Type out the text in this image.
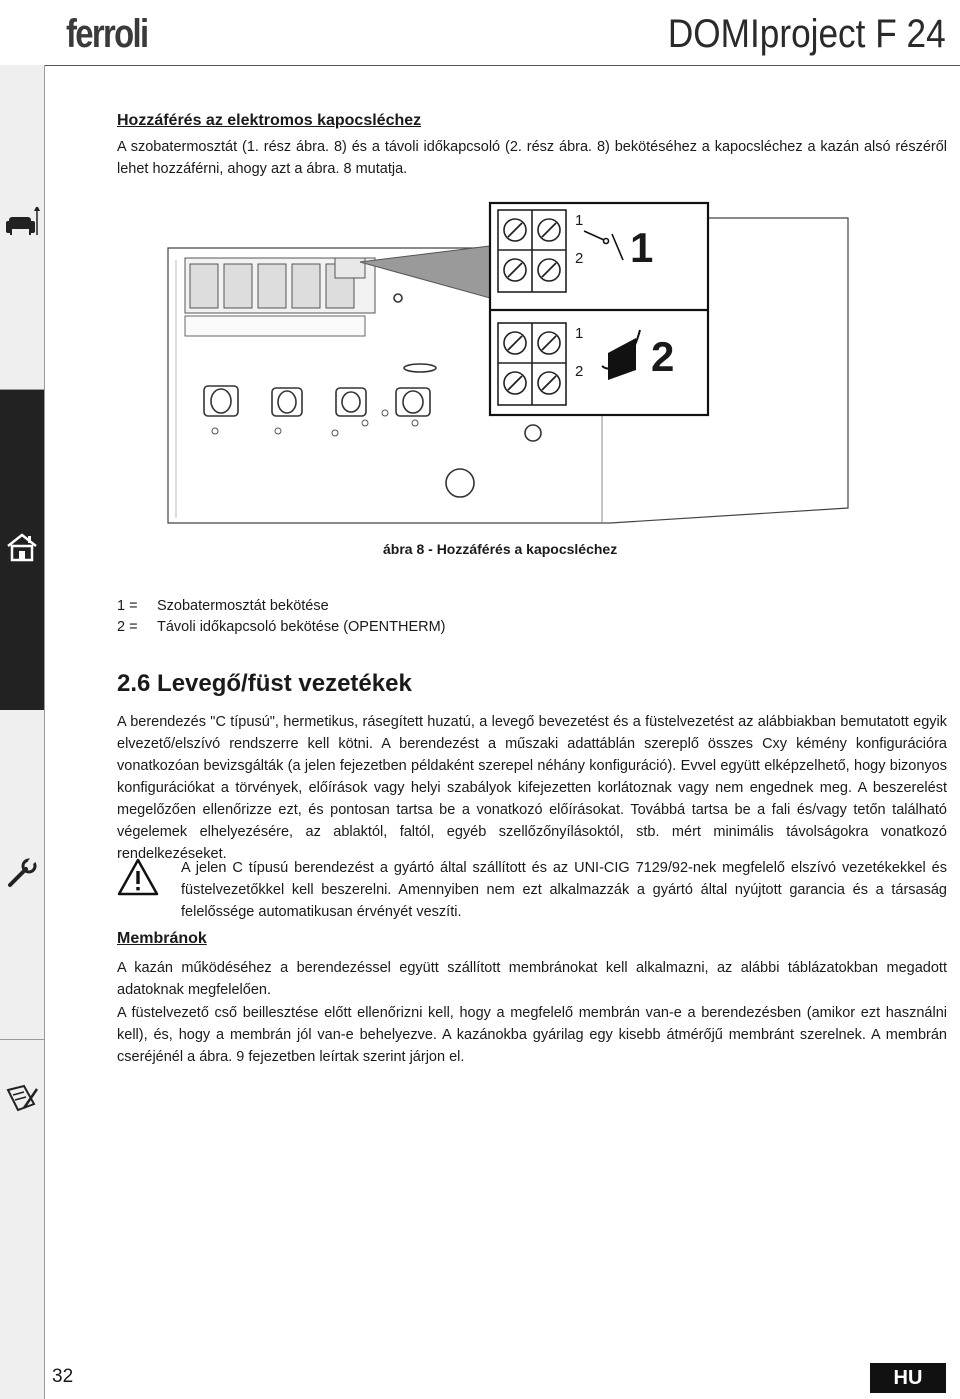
ferroli	DOMIproject F 24
Hozzáférés az elektromos kapocsléchez
A szobatermosztát (1. rész ábra. 8) és a távoli időkapcsoló (2. rész ábra. 8) bekötéséhez a kapocsléchez a kazán alsó részéről lehet hozzáférni, ahogy azt a ábra. 8 mutatja.
1
2
1
2
1
2
ábra 8 - Hozzáférés a kapocsléchez
1 = Szobatermosztát bekötése
2 = Távoli időkapcsoló bekötése (OPENTHERM)
2.6 Levegő/füst vezetékek
A berendezés "C típusú", hermetikus, rásegített huzatú, a levegő bevezetést és a füstelvezetést az alábbiakban bemutatott egyik elvezető/elszívó rendszerre kell kötni. A berendezést a műszaki adattáblán szereplő összes Cxy kémény konfigurációra vonatkozóan bevizsgálták (a jelen fejezetben példaként szerepel néhány konfiguráció). Evvel együtt elképzelhető, hogy bizonyos konfigurációkat a törvények, előírások vagy helyi szabályok kifejezetten korlátoznak vagy nem engednek meg. A beszerelést megelőzően ellenőrizze ezt, és pontosan tartsa be a vonatkozó előírásokat. Továbbá tartsa be a fali és/vagy tetőn található végelemek elhelyezésére, az ablaktól, faltól, egyéb szellőzőnyílásoktól, stb. mért minimális távolságokra vonatkozó rendelkezéseket.
A jelen C típusú berendezést a gyártó által szállított és az UNI-CIG 7129/92-nek megfelelő elszívó vezetékekkel és füstelvezetőkkel kell beszerelni. Amennyiben nem ezt alkalmazzák a gyártó által nyújtott garancia és a társaság felelőssége automatikusan érvényét veszíti.
Membránok
A kazán működéséhez a berendezéssel együtt szállított membránokat kell alkalmazni, az alábbi táblázatokban megadott adatoknak megfelelően.
A füstelvezető cső beillesztése előtt ellenőrizni kell, hogy a megfelelő membrán van-e a berendezésben (amikor ezt használni kell), és, hogy a membrán jól van-e behelyezve. A kazánokba gyárilag egy kisebb átmérőjű membránt szerelnek. A membrán cseréjénél a ábra. 9 fejezetben leírtak szerint járjon el.
32	HU
